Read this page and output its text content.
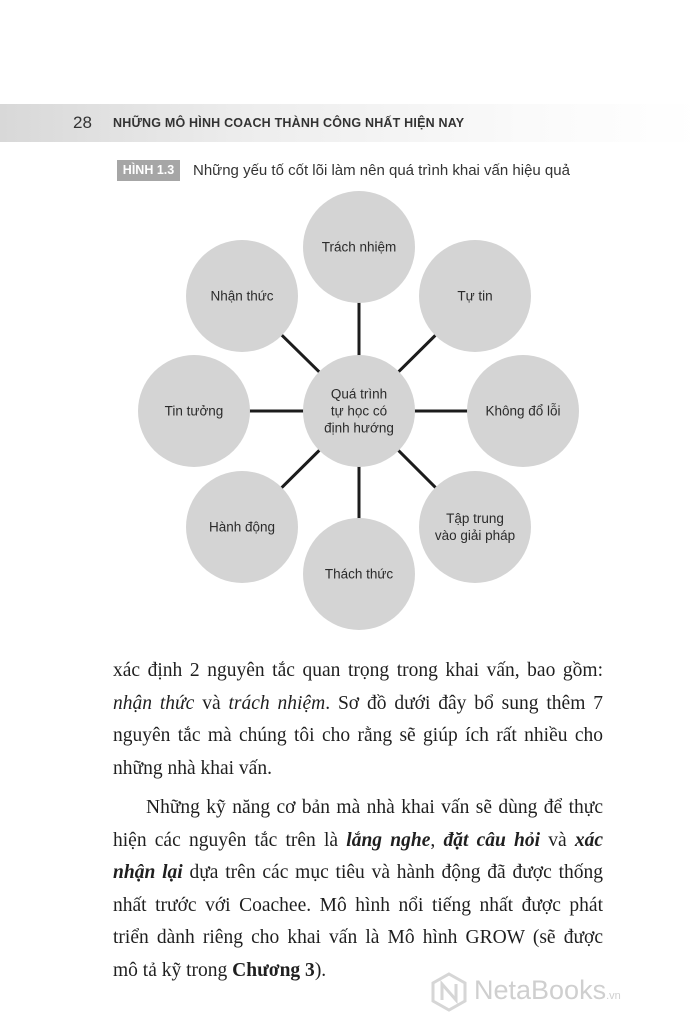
28 NHỮNG MÔ HÌNH COACH THÀNH CÔNG NHẤT HIỆN NAY
HÌNH 1.3	Những yếu tố cốt lõi làm nên quá trình khai vấn hiệu quả
Quá trình
tự học có
định hướng
Trách nhiệm
Tự tin
Không đổ lỗi
Tập trung
vào giải pháp
Thách thức
Hành động
Tin tưởng
Nhận thức

xác định 2 nguyên tắc quan trọng trong khai vấn, bao gồm:
nhận thức và trách nhiệm. Sơ đồ dưới đây bổ sung thêm 7
nguyên tắc mà chúng tôi cho rằng sẽ giúp ích rất nhiều cho
những nhà khai vấn.

Những kỹ năng cơ bản mà nhà khai vấn sẽ dùng để thực
hiện các nguyên tắc trên là lắng nghe, đặt câu hỏi và xác
nhận lại dựa trên các mục tiêu và hành động đã được thống
nhất trước với Coachee. Mô hình nổi tiếng nhất được phát
triển dành riêng cho khai vấn là Mô hình GROW (sẽ được
mô tả kỹ trong Chương 3).

NetaBooks.vn
